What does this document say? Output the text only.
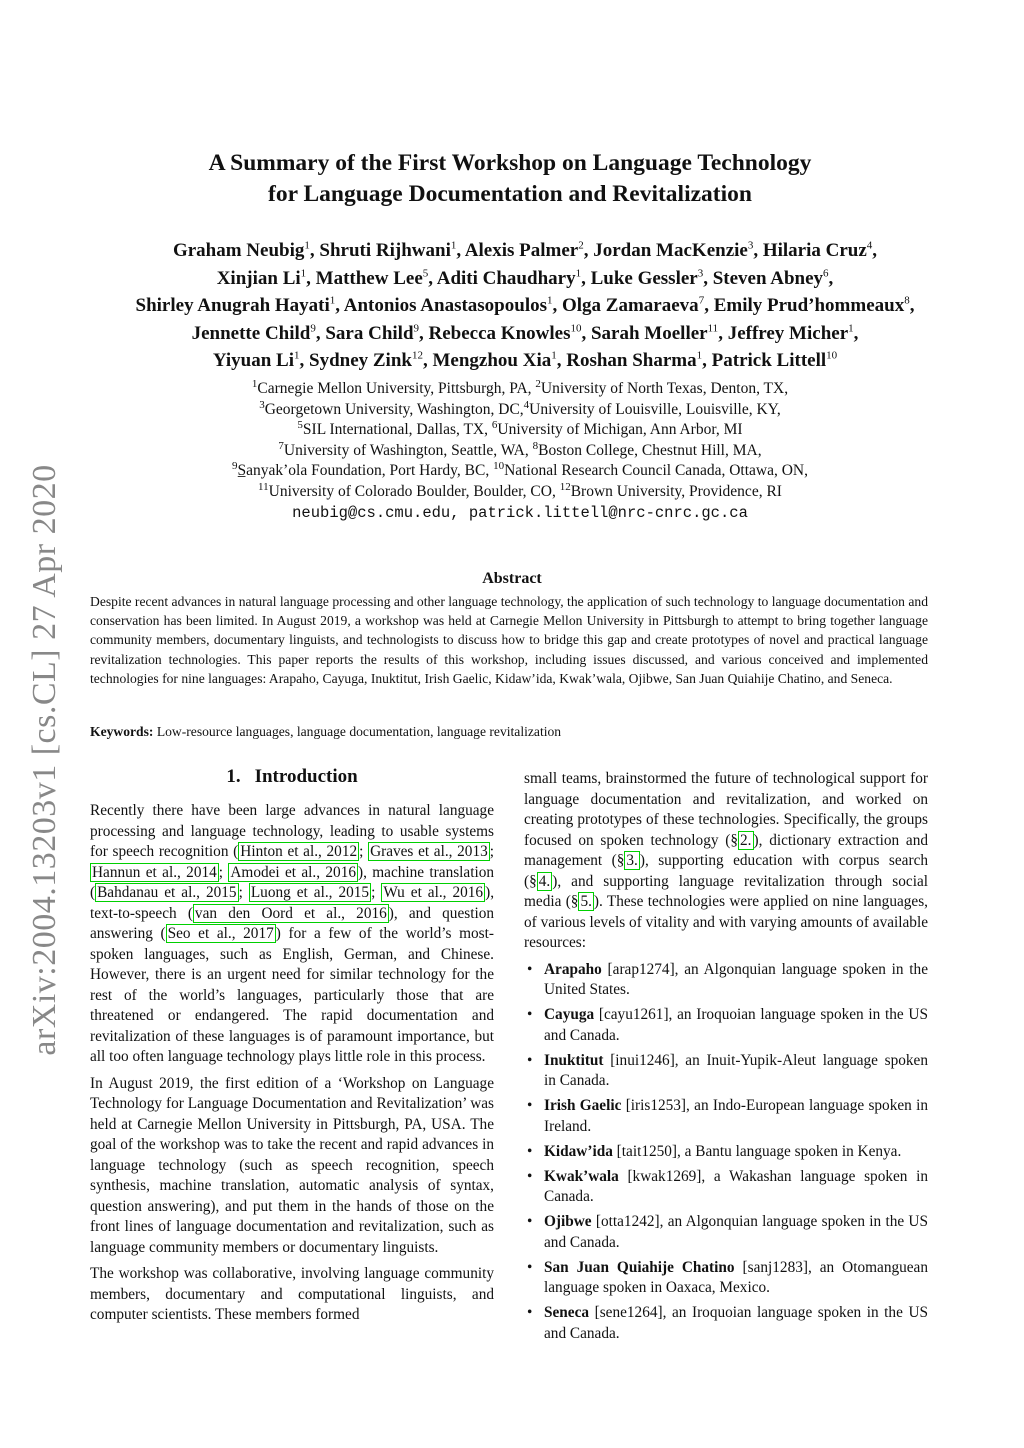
arXiv:2004.13203v1 [cs.CL] 27 Apr 2020
A Summary of the First Workshop on Language Technology
for Language Documentation and Revitalization
Graham Neubig$^1$, Shruti Rijhwani$^1$, Alexis Palmer$^2$, Jordan MacKenzie$^3$, Hilaria Cruz$^4$,
Xinjian Li$^1$, Matthew Lee$^5$, Aditi Chaudhary$^1$, Luke Gessler$^3$, Steven Abney$^6$,
Shirley Anugrah Hayati$^1$, Antonios Anastasopoulos$^1$, Olga Zamaraeva$^7$, Emily Prud’hommeaux$^8$,
Jennette Child$^9$, Sara Child$^9$, Rebecca Knowles$^{10}$, Sarah Moeller$^{11}$, Jeffrey Micher$^1$,
Yiyuan Li$^1$, Sydney Zink$^{12}$, Mengzhou Xia$^1$, Roshan Sharma$^1$, Patrick Littell$^{10}$
$^1$Carnegie Mellon University, Pittsburgh, PA, $^2$University of North Texas, Denton, TX,
$^3$Georgetown University, Washington, DC,$^4$University of Louisville, Louisville, KY,
$^5$SIL International, Dallas, TX, $^6$University of Michigan, Ann Arbor, MI
$^7$University of Washington, Seattle, WA, $^8$Boston College, Chestnut Hill, MA,
$^9$S̲anyak’ola Foundation, Port Hardy, BC, $^{10}$National Research Council Canada, Ottawa, ON,
$^{11}$University of Colorado Boulder, Boulder, CO, $^{12}$Brown University, Providence, RI
neubig@cs.cmu.edu, patrick.littell@nrc-cnrc.gc.ca
Abstract
Despite recent advances in natural language processing and other language technology, the application of such technology to language documentation and conservation has been limited. In August 2019, a workshop was held at Carnegie Mellon University in Pittsburgh to attempt to bring together language community members, documentary linguists, and technologists to discuss how to bridge this gap and create prototypes of novel and practical language revitalization technologies. This paper reports the results of this workshop, including issues discussed, and various conceived and implemented technologies for nine languages: Arapaho, Cayuga, Inuktitut, Irish Gaelic, Kidaw’ida, Kwak’wala, Ojibwe, San Juan Quiahije Chatino, and Seneca.
Keywords: Low-resource languages, language documentation, language revitalization
1. Introduction

Recently there have been large advances in natural language processing and language technology, leading to usable systems for speech recognition ( Hinton et al., 2012 ; Graves et al., 2013 ; Hannun et al., 2014 ; Amodei et al., 2016 ), machine translation ( Bahdanau et al., 2015 ; Luong et al., 2015 ; Wu et al., 2016 ), text-to-speech ( van den Oord et al., 2016 ), and question answering ( Seo et al., 2017 ) for a few of the world’s most-spoken languages, such as English, German, and Chinese. However, there is an urgent need for similar technology for the rest of the world’s languages, particularly those that are threatened or endangered. The rapid documentation and revitalization of these languages is of paramount importance, but all too often language technology plays little role in this process.

In August 2019, the first edition of a ‘Workshop on Language Technology for Language Documentation and Revitalization’ was held at Carnegie Mellon University in Pittsburgh, PA, USA. The goal of the workshop was to take the recent and rapid advances in language technology (such as speech recognition, speech synthesis, machine translation, automatic analysis of syntax, question answering), and put them in the hands of those on the front lines of language documentation and revitalization, such as language community members or documentary linguists.

The workshop was collaborative, involving language community members, documentary and computational linguists, and computer scientists. These members formed

small teams, brainstormed the future of technological support for language documentation and revitalization, and worked on creating prototypes of these technologies. Specifically, the groups focused on spoken technology (§ 2. ), dictionary extraction and management (§ 3. ), supporting education with corpus search (§ 4. ), and supporting language revitalization through social media (§ 5. ). These technologies were applied on nine languages, of various levels of vitality and with varying amounts of available resources:

• Arapaho [arap1274], an Algonquian language spoken in the United States.
• Cayuga [cayu1261], an Iroquoian language spoken in the US and Canada.
• Inuktitut [inui1246], an Inuit-Yupik-Aleut language spoken in Canada.
• Irish Gaelic [iris1253], an Indo-European language spoken in Ireland.
• Kidaw’ida [tait1250], a Bantu language spoken in Kenya.
• Kwak’wala [kwak1269], a Wakashan language spoken in Canada.
• Ojibwe [otta1242], an Algonquian language spoken in the US and Canada.
• San Juan Quiahije Chatino [sanj1283], an Otomanguean language spoken in Oaxaca, Mexico.
• Seneca [sene1264], an Iroquoian language spoken in the US and Canada.
